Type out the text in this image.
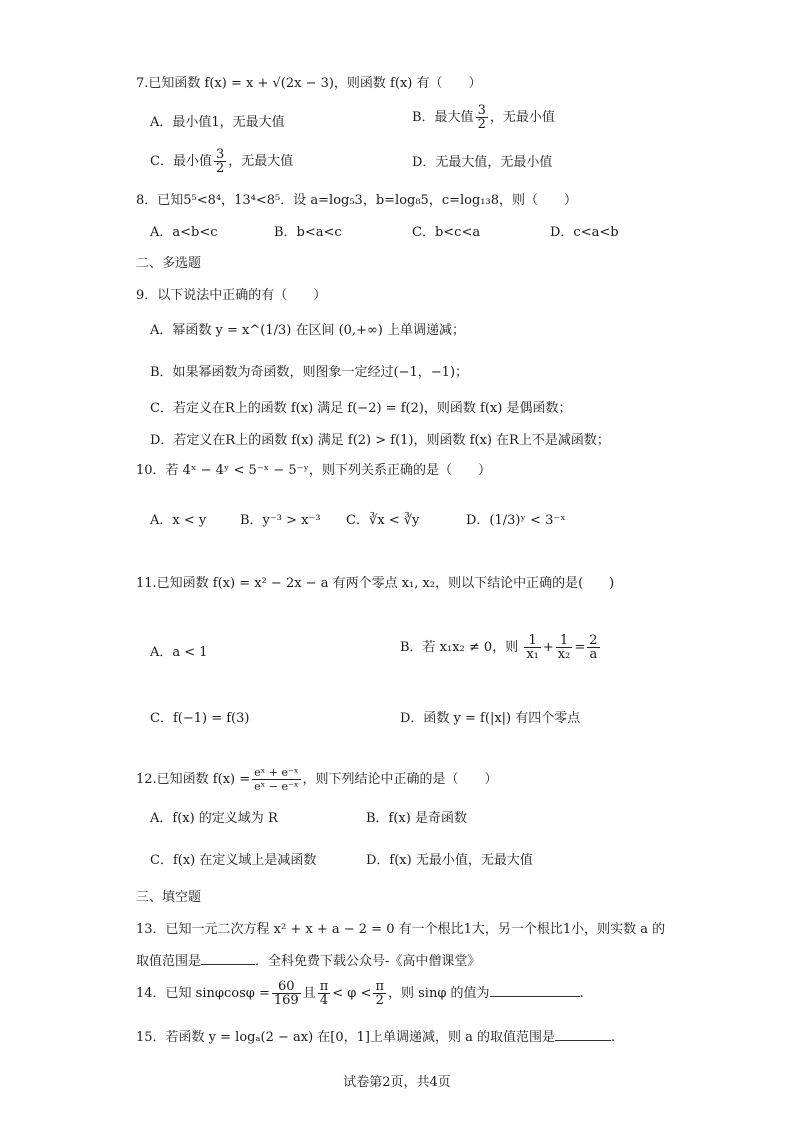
7.已知函数 f(x) = x + √(2x − 3)，则函数 f(x) 有（　　）
A．最小值1，无最大值	B．最大值 $\frac{3}{2}$ ，无最小值
C．最小值 $\frac{3}{2}$ ，无最大值	D．无最大值，无最小值
8．已知5⁵<8⁴，13⁴<8⁵．设 a=log₅3，b=log₈5，c=log₁₃8，则（　　）
A．a<b<c	B．b<a<c	C．b<c<a	D．c<a<b
二、多选题
9．以下说法中正确的有（　　）
A．幂函数 y = x^(1/3) 在区间 (0,+∞) 上单调递减；
B．如果幂函数为奇函数，则图象一定经过(−1，−1)；
C．若定义在R上的函数 f(x) 满足 f(−2) = f(2)，则函数 f(x) 是偶函数；
D．若定义在R上的函数 f(x) 满足 f(2) > f(1)，则函数 f(x) 在R上不是减函数；
10．若 4ˣ − 4ʸ < 5⁻ˣ − 5⁻ʸ，则下列关系正确的是（　　）
A．x < y	B．y⁻³ > x⁻³ C．∛x < ∛y	D．(1/3)ʸ < 3⁻ˣ
11.已知函数 f(x) = x² − 2x − a 有两个零点 x₁, x₂，则以下结论中正确的是(　　)
A．a < 1	B．若 x₁x₂ ≠ 0，则 $\frac{1}{\text{x₁}} + \frac{1}{\text{x₂}} = \frac{2}{a}$
C．f(−1) = f(3)	D．函数 y = f(|x|) 有四个零点
12.已知函数 $f(x) = \frac{\text{eˣ + e⁻ˣ}}{\text{eˣ − e⁻ˣ}}$ ，则下列结论中正确的是（　　）
A．f(x) 的定义域为 R	B．f(x) 是奇函数
C．f(x) 在定义域上是减函数	D．f(x) 无最小值，无最大值
三、填空题
13．已知一元二次方程 x² + x + a − 2 = 0 有一个根比1大，另一个根比1小，则实数 a 的
取值范围是	．全科免费下载公众号-《高中僧课堂》
14．已知 $\sin\varphi\cos\varphi = \frac{60}{169}$ 且 $\frac{\pi}{4} < \varphi < \frac{\pi}{2}$ ，则 sinφ 的值为	.
15．若函数 y = logₐ(2 − ax) 在[0，1]上单调递减，则 a 的取值范围是	.
试卷第2页，共4页
